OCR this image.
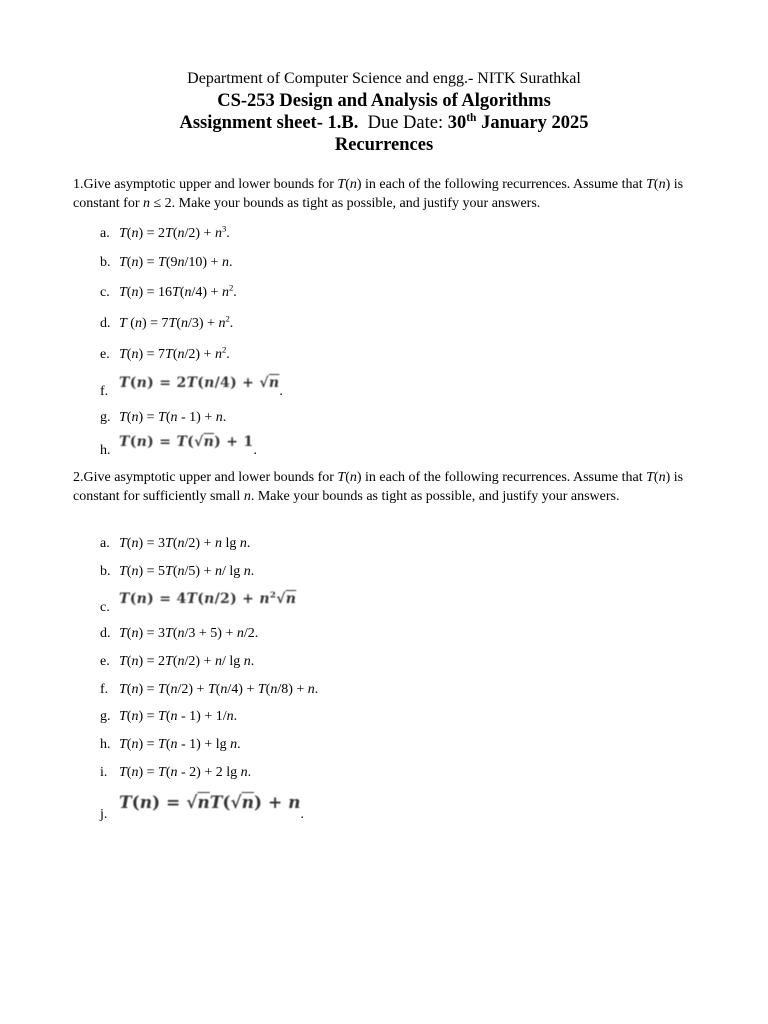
Department of Computer Science and engg.- NITK Surathkal
CS-253 Design and Analysis of Algorithms
Assignment sheet- 1.B. Due Date: 30th January 2025
Recurrences
1.Give asymptotic upper and lower bounds for T(n) in each of the following recurrences. Assume that T(n) is constant for n ≤ 2. Make your bounds as tight as possible, and justify your answers.
a. $T(n) = 2T(n/2) + n^3$.
b. T(n) = T(9n/10) + n.
c. $T(n) = 16T(n/4) + n^2$.
d. T $(n) = 7T(n/3) + n^2$.
e. $T(n) = 7T(n/2) + n^2$.
f.T(n) = 2T(n/4) + √n.
g. T(n) = T(n - 1) + n.
h.T(n) = T(√n) + 1.
2.Give asymptotic upper and lower bounds for T(n) in each of the following recurrences. Assume that T(n) is constant for sufficiently small n. Make your bounds as tight as possible, and justify your answers.
a. T(n) = 3T(n/2) + n lg n.
b. T(n) = 5T(n/5) + n/ lg n.
$c.T(n) = 4T(n/2) + n^2√n$
d. T(n) = 3T(n/3 + 5) + n/2.
e. T(n) = 2T(n/2) + n/ lg n.
f. T(n) = T(n/2) + T(n/4) + T(n/8) + n.
g. T(n) = T(n - 1) + 1/n.
h. T(n) = T(n - 1) + lg n.
i. T(n) = T(n - 2) + 2 lg n.
j.T(n) = √nT(√n) + n.
